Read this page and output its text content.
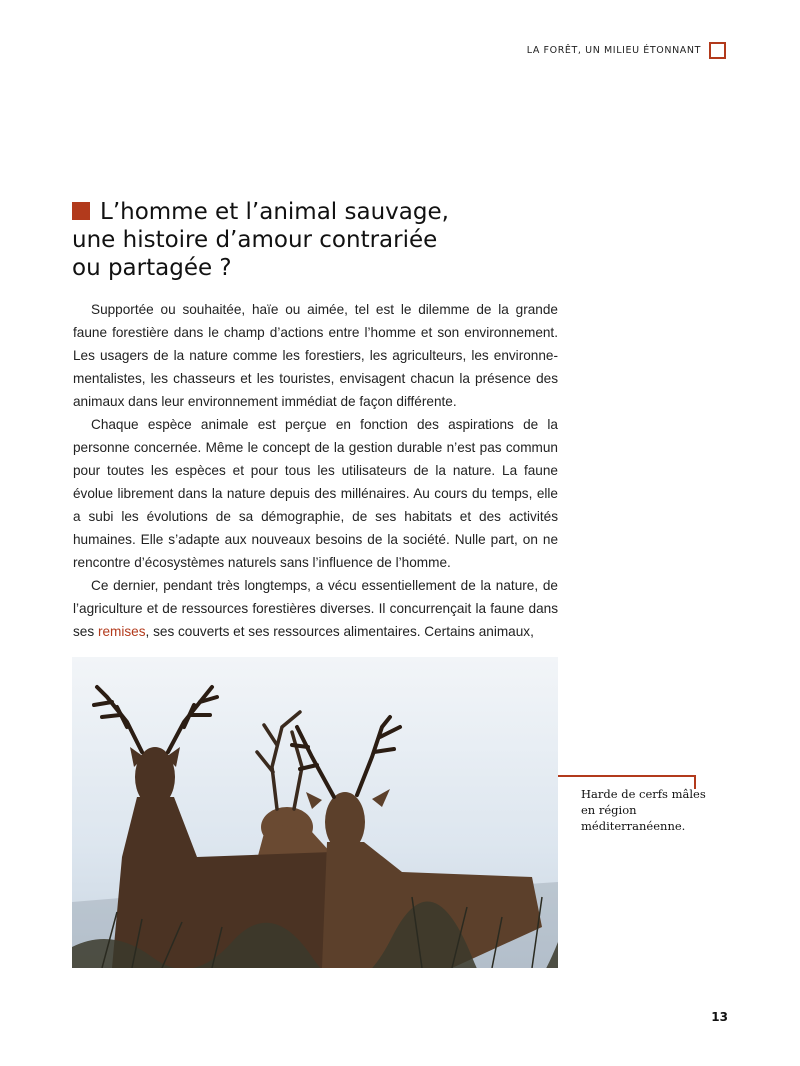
LA FORÊT, UN MILIEU ÉTONNANT
L’homme et l’animal sauvage,
une histoire d’amour contrariée
ou partagée ?

Supportée ou souhaitée, haïe ou aimée, tel est le dilemme de la grande faune forestière dans le champ d’actions entre l’homme et son environnement. Les usagers de la nature comme les forestiers, les agriculteurs, les environne-mentalistes, les chasseurs et les touristes, envisagent chacun la présence des animaux dans leur environnement immédiat de façon différente.

Chaque espèce animale est perçue en fonction des aspirations de la personne concernée. Même le concept de la gestion durable n’est pas commun pour toutes les espèces et pour tous les utilisateurs de la nature. La faune évolue librement dans la nature depuis des millénaires. Au cours du temps, elle a subi les évolutions de sa démographie, de ses habitats et des activités humaines. Elle s’adapte aux nouveaux besoins de la société. Nulle part, on ne rencontre d’écosystèmes naturels sans l’influence de l’homme.

Ce dernier, pendant très longtemps, a vécu essentiellement de la nature, de l’agriculture et de ressources forestières diverses. Il concurrençait la faune dans ses remises, ses couverts et ses ressources alimentaires. Certains animaux,

Harde de cerfs mâles en région méditerranéenne.
13
